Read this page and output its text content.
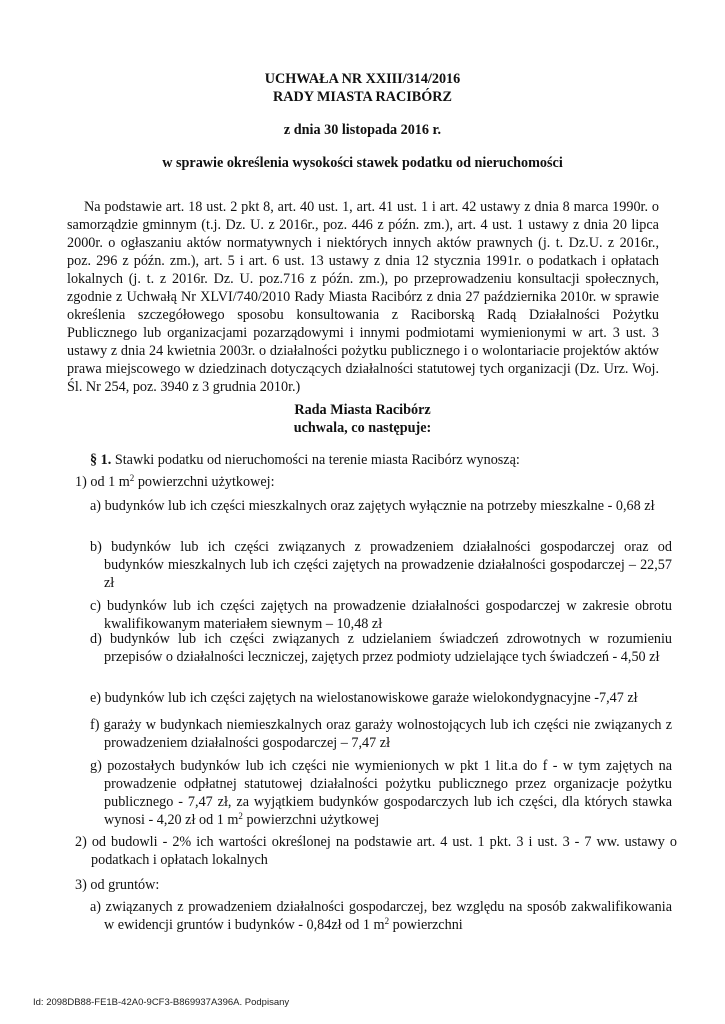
UCHWAŁA NR XXIII/314/2016
RADY MIASTA RACIBÓRZ
z dnia 30 listopada 2016 r.
w sprawie określenia wysokości stawek podatku od nieruchomości

Na podstawie art. 18 ust. 2 pkt 8, art. 40 ust. 1, art. 41 ust. 1 i art. 42 ustawy z dnia 8 marca 1990r. o samorządzie gminnym (t.j. Dz. U. z 2016r., poz. 446 z późn. zm.), art. 4 ust. 1 ustawy z dnia 20 lipca 2000r. o ogłaszaniu aktów normatywnych i niektórych innych aktów prawnych (j. t. Dz.U. z 2016r., poz. 296 z późn. zm.), art. 5 i art. 6 ust. 13 ustawy z dnia 12 stycznia 1991r. o podatkach i opłatach lokalnych (j. t. z 2016r. Dz. U. poz.716 z późn. zm.), po przeprowadzeniu konsultacji społecznych, zgodnie z Uchwałą Nr XLVI/740/2010 Rady Miasta Racibórz z dnia 27 października 2010r. w sprawie określenia szczegółowego sposobu konsultowania z Raciborską Radą Działalności Pożytku Publicznego lub organizacjami pozarządowymi i innymi podmiotami wymienionymi w art. 3 ust. 3 ustawy z dnia 24 kwietnia 2003r. o działalności pożytku publicznego i o wolontariacie projektów aktów prawa miejscowego w dziedzinach dotyczących działalności statutowej tych organizacji (Dz. Urz. Woj. Śl. Nr 254, poz. 3940 z 3 grudnia 2010r.)

Rada Miasta Racibórz
uchwala, co następuje:

§ 1. Stawki podatku od nieruchomości na terenie miasta Racibórz wynoszą:

1) od 1 $m^2$ powierzchni użytkowej:

a) budynków lub ich części mieszkalnych oraz zajętych wyłącznie na potrzeby mieszkalne - 0,68 zł

b) budynków lub ich części związanych z prowadzeniem działalności gospodarczej oraz od budynków mieszkalnych lub ich części zajętych na prowadzenie działalności gospodarczej – 22,57 zł

c) budynków lub ich części zajętych na prowadzenie działalności gospodarczej w zakresie obrotu kwalifikowanym materiałem siewnym – 10,48 zł

d) budynków lub ich części związanych z udzielaniem świadczeń zdrowotnych w rozumieniu przepisów o działalności leczniczej, zajętych przez podmioty udzielające tych świadczeń - 4,50 zł

e) budynków lub ich części zajętych na wielostanowiskowe garaże wielokondygnacyjne -7,47 zł

f) garaży w budynkach niemieszkalnych oraz garaży wolnostojących lub ich części nie związanych z prowadzeniem działalności gospodarczej – 7,47 zł

g) pozostałych budynków lub ich części nie wymienionych w pkt 1 lit.a do f - w tym zajętych na prowadzenie odpłatnej statutowej działalności pożytku publicznego przez organizacje pożytku publicznego - 7,47 zł, za wyjątkiem budynków gospodarczych lub ich części, dla których stawka wynosi - 4,20 zł od 1 $m^2$ powierzchni użytkowej

2) od budowli - 2% ich wartości określonej na podstawie art. 4 ust. 1 pkt. 3 i ust. 3 - 7 ww. ustawy o podatkach i opłatach lokalnych

3) od gruntów:

a) związanych z prowadzeniem działalności gospodarczej, bez względu na sposób zakwalifikowania w ewidencji gruntów i budynków - 0,84zł od 1 $m^2$ powierzchni

Id: 2098DB88-FE1B-42A0-9CF3-B869937A396A. Podpisany
